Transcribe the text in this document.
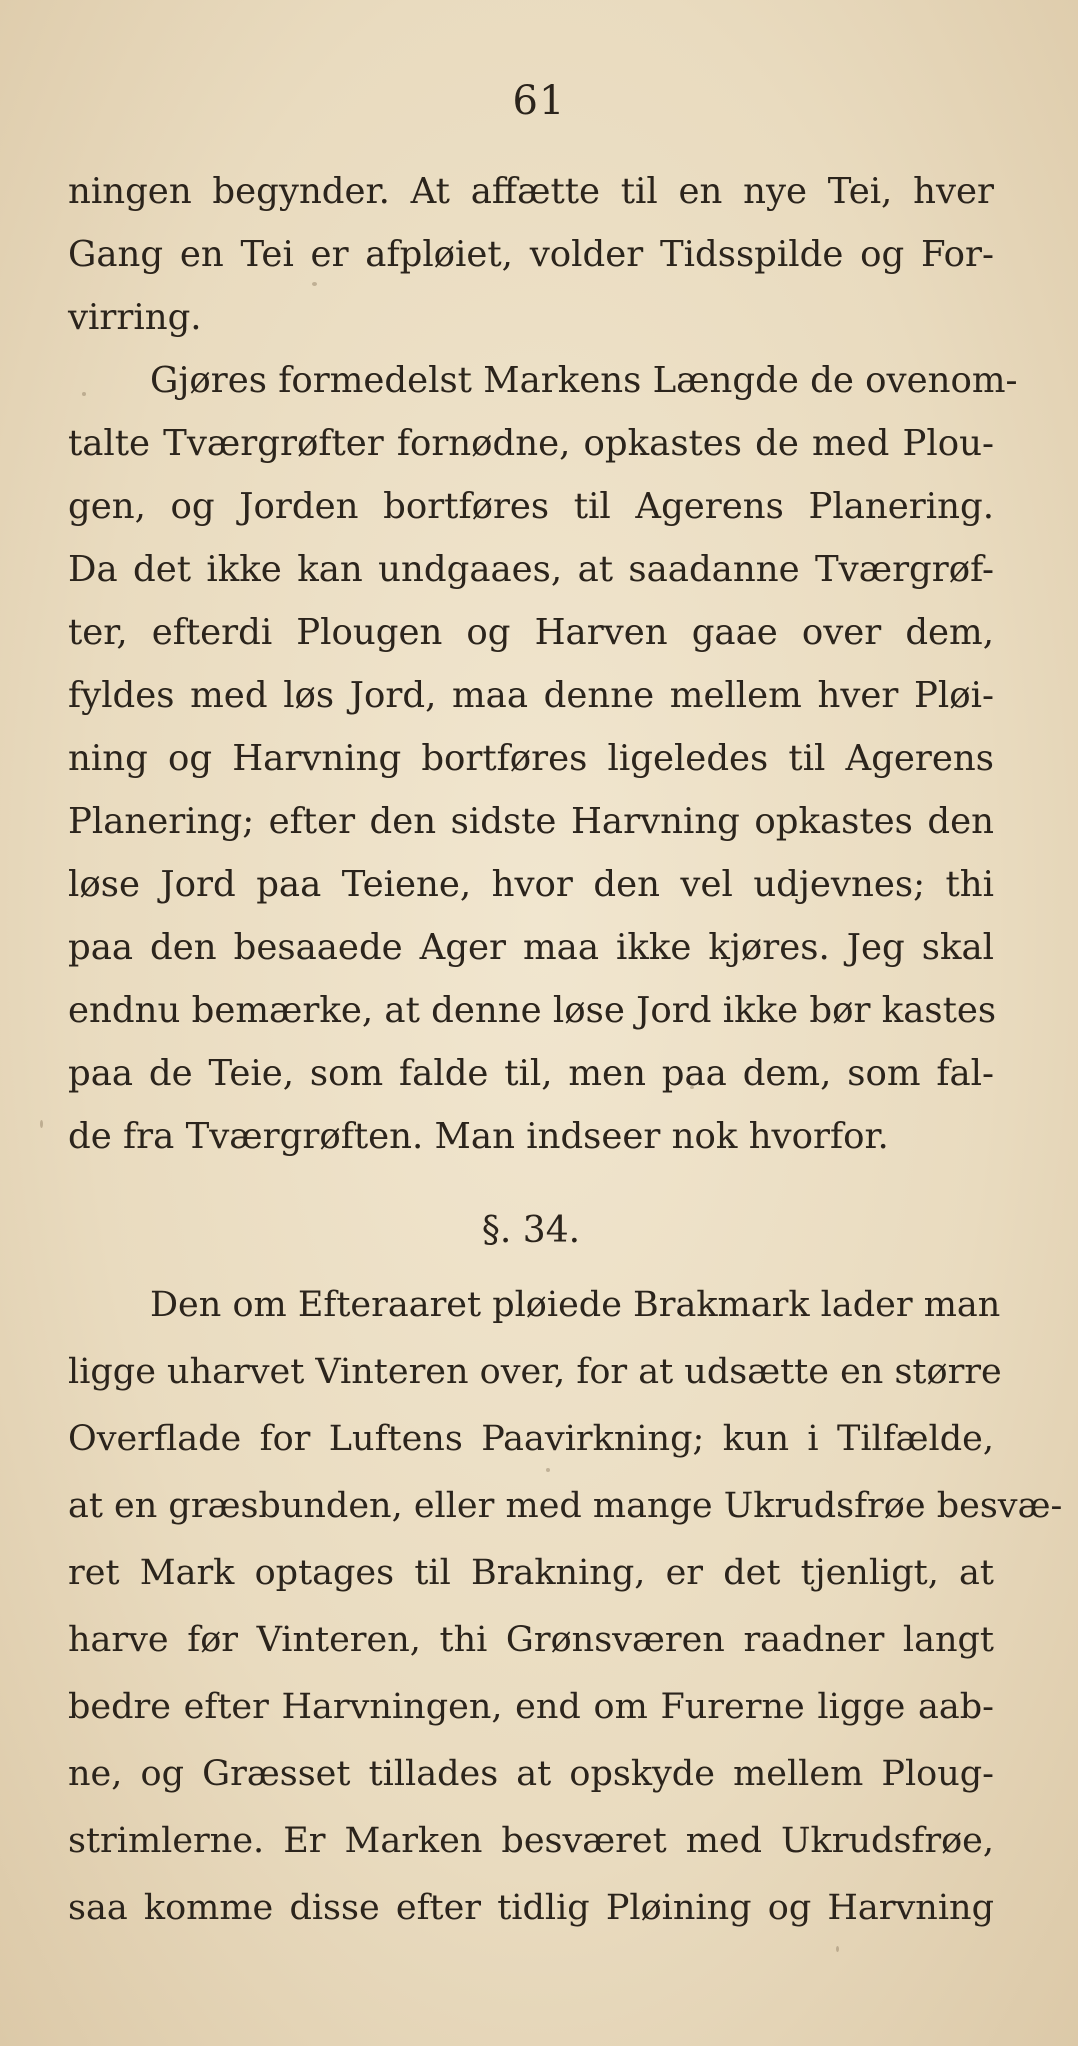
61
ningen begynder. At affætte til en nye Tei, hver
Gang en Tei er afpløiet, volder Tidsspilde og For-
virring.
Gjøres formedelst Markens Længde de ovenom-
talte Tværgrøfter fornødne, opkastes de med Plou-
gen, og Jorden bortføres til Agerens Planering.
Da det ikke kan undgaaes, at saadanne Tværgrøf-
ter, efterdi Plougen og Harven gaae over dem,
fyldes med løs Jord, maa denne mellem hver Pløi-
ning og Harvning bortføres ligeledes til Agerens
Planering; efter den sidste Harvning opkastes den
løse Jord paa Teiene, hvor den vel udjevnes; thi
paa den besaaede Ager maa ikke kjøres. Jeg skal
endnu bemærke, at denne løse Jord ikke bør kastes
paa de Teie, som falde til, men paa dem, som fal-
de fra Tværgrøften. Man indseer nok hvorfor.
§. 34.
Den om Efteraaret pløiede Brakmark lader man
ligge uharvet Vinteren over, for at udsætte en større
Overflade for Luftens Paavirkning; kun i Tilfælde,
at en græsbunden, eller med mange Ukrudsfrøe besvæ-
ret Mark optages til Brakning, er det tjenligt, at
harve før Vinteren, thi Grønsværen raadner langt
bedre efter Harvningen, end om Furerne ligge aab-
ne, og Græsset tillades at opskyde mellem Ploug-
strimlerne. Er Marken besværet med Ukrudsfrøe,
saa komme disse efter tidlig Pløining og Harvning
